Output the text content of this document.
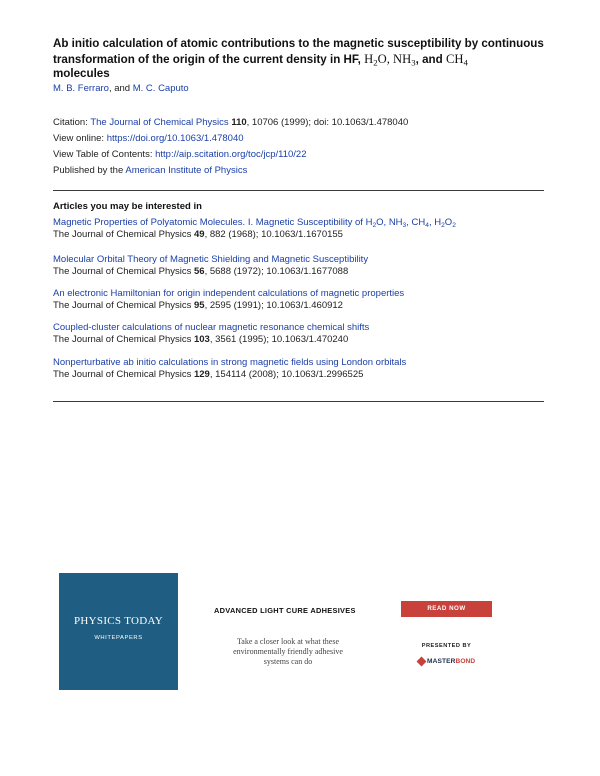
Ab initio calculation of atomic contributions to the magnetic susceptibility by continuous transformation of the origin of the current density in HF, $H_2O$, $NH_3$, and $CH_4$
molecules
M. B. Ferraro, and M. C. Caputo
Citation: The Journal of Chemical Physics 110, 10706 (1999); doi: 10.1063/1.478040
View online: https://doi.org/10.1063/1.478040
View Table of Contents: http://aip.scitation.org/toc/jcp/110/22
Published by the American Institute of Physics
Articles you may be interested in
Magnetic Properties of Polyatomic Molecules. I. Magnetic Susceptibility of $H_2O$, $NH_3$, $CH_4$, $H_2O_2$
The Journal of Chemical Physics 49, 882 (1968); 10.1063/1.1670155
Molecular Orbital Theory of Magnetic Shielding and Magnetic Susceptibility
The Journal of Chemical Physics 56, 5688 (1972); 10.1063/1.1677088
An electronic Hamiltonian for origin independent calculations of magnetic properties
The Journal of Chemical Physics 95, 2595 (1991); 10.1063/1.460912
Coupled-cluster calculations of nuclear magnetic resonance chemical shifts
The Journal of Chemical Physics 103, 3561 (1995); 10.1063/1.470240
Nonperturbative ab initio calculations in strong magnetic fields using London orbitals
The Journal of Chemical Physics 129, 154114 (2008); 10.1063/1.2996525
PHYSICS TODAY
WHITEPAPERS
ADVANCED LIGHT CURE ADHESIVES
Take a closer look at what these
environmentally friendly adhesive
systems can do
READ NOW
PRESENTED BY
MASTERBOND
